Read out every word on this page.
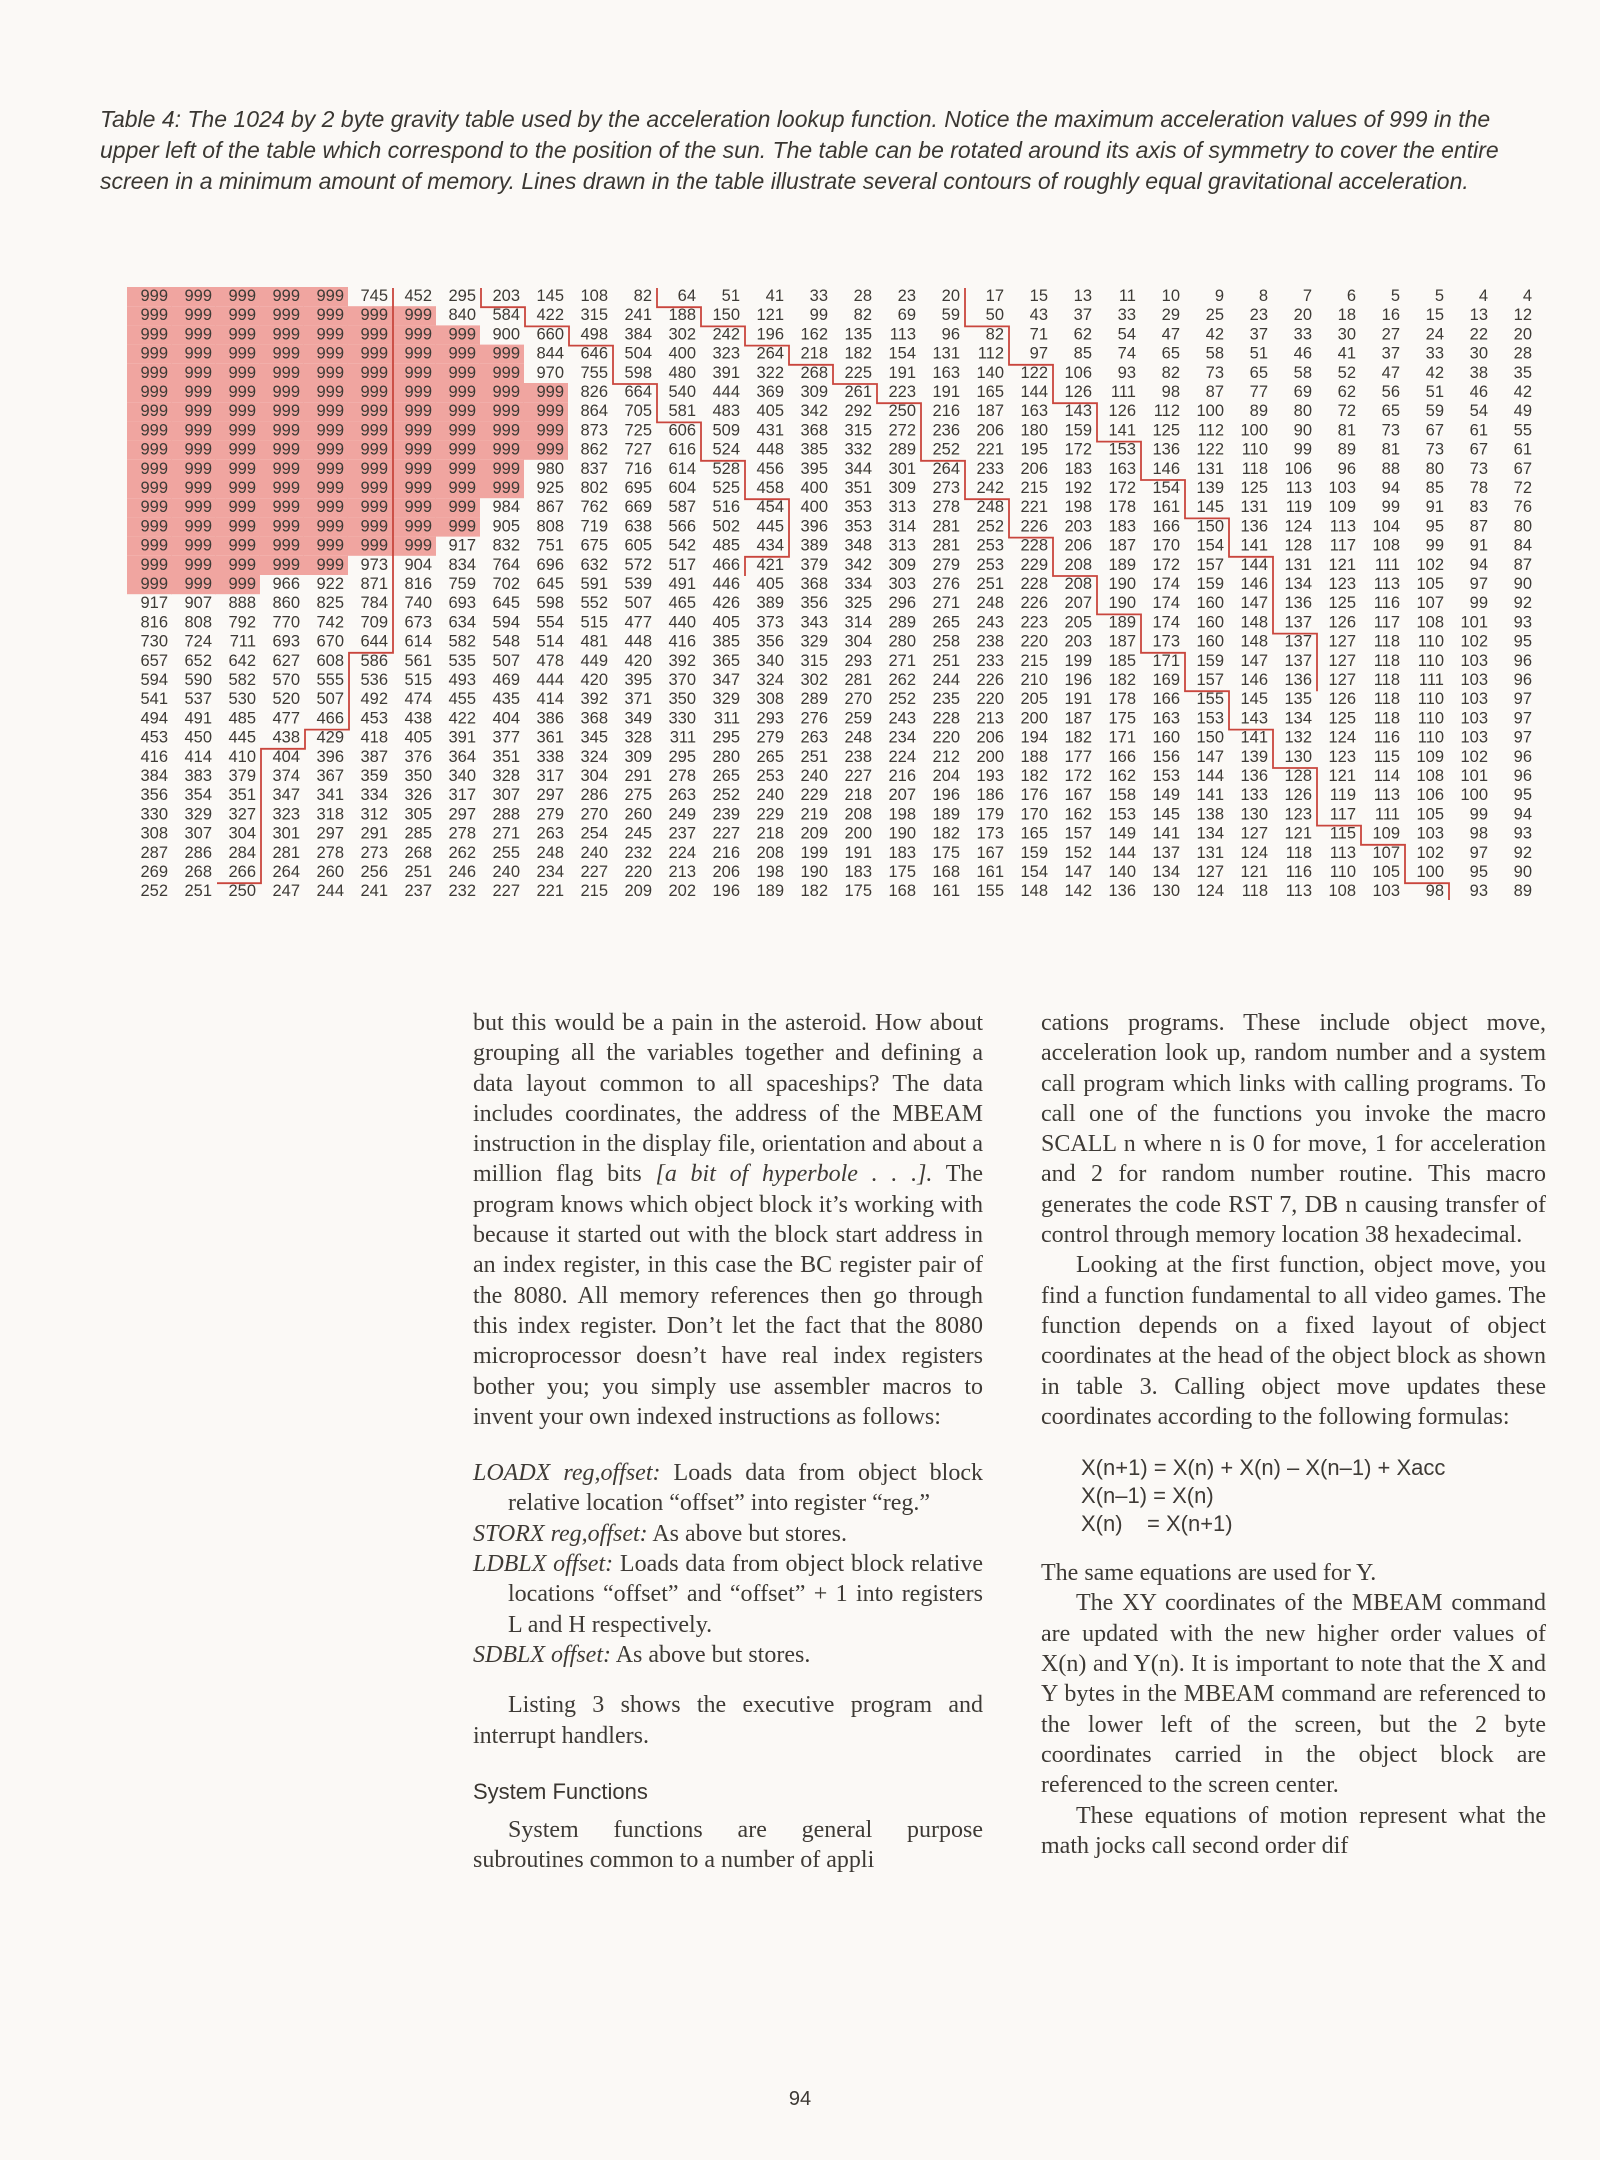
Table 4: The 1024 by 2 byte gravity table used by the acceleration lookup function. Notice the maximum acceleration values of 999 in the upper left of the table which correspond to the position of the sun. The table can be rotated around its axis of symmetry to cover the entire screen in a minimum amount of memory. Lines drawn in the table illustrate several contours of roughly equal gravitational acceleration.

999 999 999 999 999 745 452 295 203 145 108 82 64 51 41 33 28 23 20 17 15 13 11 10 9 8 7 6 5 5 4 4
999 999 999 999 999 999 999 840 584 422 315 241 188 150 121 99 82 69 59 50 43 37 33 29 25 23 20 18 16 15 13 12
999 999 999 999 999 999 999 999 900 660 498 384 302 242 196 162 135 113 96 82 71 62 54 47 42 37 33 30 27 24 22 20
999 999 999 999 999 999 999 999 999 844 646 504 400 323 264 218 182 154 131 112 97 85 74 65 58 51 46 41 37 33 30 28
999 999 999 999 999 999 999 999 999 970 755 598 480 391 322 268 225 191 163 140 122 106 93 82 73 65 58 52 47 42 38 35
999 999 999 999 999 999 999 999 999 999 826 664 540 444 369 309 261 223 191 165 144 126 111 98 87 77 69 62 56 51 46 42
999 999 999 999 999 999 999 999 999 999 864 705 581 483 405 342 292 250 216 187 163 143 126 112 100 89 80 72 65 59 54 49
999 999 999 999 999 999 999 999 999 999 873 725 606 509 431 368 315 272 236 206 180 159 141 125 112 100 90 81 73 67 61 55
999 999 999 999 999 999 999 999 999 999 862 727 616 524 448 385 332 289 252 221 195 172 153 136 122 110 99 89 81 73 67 61
999 999 999 999 999 999 999 999 999 980 837 716 614 528 456 395 344 301 264 233 206 183 163 146 131 118 106 96 88 80 73 67
999 999 999 999 999 999 999 999 999 925 802 695 604 525 458 400 351 309 273 242 215 192 172 154 139 125 113 103 94 85 78 72
999 999 999 999 999 999 999 999 984 867 762 669 587 516 454 400 353 313 278 248 221 198 178 161 145 131 119 109 99 91 83 76
999 999 999 999 999 999 999 999 905 808 719 638 566 502 445 396 353 314 281 252 226 203 183 166 150 136 124 113 104 95 87 80
999 999 999 999 999 999 999 917 832 751 675 605 542 485 434 389 348 313 281 253 228 206 187 170 154 141 128 117 108 99 91 84
999 999 999 999 999 973 904 834 764 696 632 572 517 466 421 379 342 309 279 253 229 208 189 172 157 144 131 121 111 102 94 87
999 999 999 966 922 871 816 759 702 645 591 539 491 446 405 368 334 303 276 251 228 208 190 174 159 146 134 123 113 105 97 90
917 907 888 860 825 784 740 693 645 598 552 507 465 426 389 356 325 296 271 248 226 207 190 174 160 147 136 125 116 107 99 92
816 808 792 770 742 709 673 634 594 554 515 477 440 405 373 343 314 289 265 243 223 205 189 174 160 148 137 126 117 108 101 93
730 724 711 693 670 644 614 582 548 514 481 448 416 385 356 329 304 280 258 238 220 203 187 173 160 148 137 127 118 110 102 95
657 652 642 627 608 586 561 535 507 478 449 420 392 365 340 315 293 271 251 233 215 199 185 171 159 147 137 127 118 110 103 96
594 590 582 570 555 536 515 493 469 444 420 395 370 347 324 302 281 262 244 226 210 196 182 169 157 146 136 127 118 111 103 96
541 537 530 520 507 492 474 455 435 414 392 371 350 329 308 289 270 252 235 220 205 191 178 166 155 145 135 126 118 110 103 97
494 491 485 477 466 453 438 422 404 386 368 349 330 311 293 276 259 243 228 213 200 187 175 163 153 143 134 125 118 110 103 97
453 450 445 438 429 418 405 391 377 361 345 328 311 295 279 263 248 234 220 206 194 182 171 160 150 141 132 124 116 110 103 97
416 414 410 404 396 387 376 364 351 338 324 309 295 280 265 251 238 224 212 200 188 177 166 156 147 139 130 123 115 109 102 96
384 383 379 374 367 359 350 340 328 317 304 291 278 265 253 240 227 216 204 193 182 172 162 153 144 136 128 121 114 108 101 96
356 354 351 347 341 334 326 317 307 297 286 275 263 252 240 229 218 207 196 186 176 167 158 149 141 133 126 119 113 106 100 95
330 329 327 323 318 312 305 297 288 279 270 260 249 239 229 219 208 198 189 179 170 162 153 145 138 130 123 117 111 105 99 94
308 307 304 301 297 291 285 278 271 263 254 245 237 227 218 209 200 190 182 173 165 157 149 141 134 127 121 115 109 103 98 93
287 286 284 281 278 273 268 262 255 248 240 232 224 216 208 199 191 183 175 167 159 152 144 137 131 124 118 113 107 102 97 92
269 268 266 264 260 256 251 246 240 234 227 220 213 206 198 190 183 175 168 161 154 147 140 134 127 121 116 110 105 100 95 90
252 251 250 247 244 241 237 232 227 221 215 209 202 196 189 182 175 168 161 155 148 142 136 130 124 118 113 108 103 98 93 89

but this would be a pain in the asteroid. How about grouping all the variables together and defining a data layout common to all spaceships? The data includes coordinates, the address of the MBEAM instruction in the display file, orientation and about a million flag bits [a bit of hyperbole . . .]. The program knows which object block it’s working with because it started out with the block start address in an index register, in this case the BC register pair of the 8080. All memory references then go through this index register. Don’t let the fact that the 8080 microprocessor doesn’t have real index registers bother you; you simply use assembler macros to invent your own indexed instructions as follows:

LOADX reg,offset: Loads data from object block relative location “offset” into register “reg.”

STORX reg,offset: As above but stores.

LDBLX offset: Loads data from object block relative locations “offset” and “offset” + 1 into registers L and H respectively.

SDBLX offset: As above but stores.

Listing 3 shows the executive program and interrupt handlers.

System Functions

System functions are general purpose subroutines common to a number of appli

cations programs. These include object move, acceleration look up, random number and a system call program which links with calling programs. To call one of the functions you invoke the macro SCALL n where n is 0 for move, 1 for acceleration and 2 for random number routine. This macro generates the code RST 7, DB n causing transfer of control through memory location 38 hexadecimal.

Looking at the first function, object move, you find a function fundamental to all video games. The function depends on a fixed layout of object coordinates at the head of the object block as shown in table 3. Calling object move updates these coordinates according to the following formulas:

X(n+1) = X(n) + X(n) – X(n–1) + Xacc
X(n–1) = X(n)
X(n)    = X(n+1)

The same equations are used for Y.

The XY coordinates of the MBEAM command are updated with the new higher order values of X(n) and Y(n). It is important to note that the X and Y bytes in the MBEAM command are referenced to the lower left of the screen, but the 2 byte coordinates carried in the object block are referenced to the screen center.

These equations of motion represent what the math jocks call second order dif

94
